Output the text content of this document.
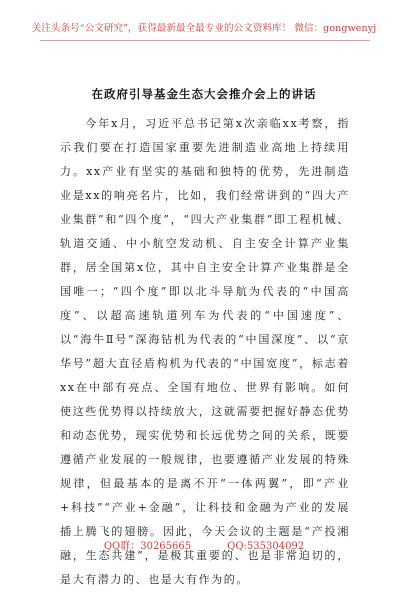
关注头条号“公文研究”，获得最新最全最专业的公文资料库！ 微信：gongwenyj
在政府引导基金生态大会推介会上的讲话

今年x月，习近平总书记第x次亲临xx考察，指示我们要在打造国家重要先进制造业高地上持续用力。xx产业有坚实的基础和独特的优势，先进制造业是xx的响亮名片，比如，我们经常讲到的“四大产业集群”和“四个度”，“四大产业集群”即工程机械、轨道交通、中小航空发动机、自主安全计算产业集群，居全国第x位，其中自主安全计算产业集群是全国唯一；“四个度”即以北斗导航为代表的“中国高度”、以超高速轨道列车为代表的“中国速度”、以“海牛Ⅱ号”深海钻机为代表的“中国深度”、以“京华号”超大直径盾构机为代表的“中国宽度”，标志着xx在中部有亮点、全国有地位、世界有影响。如何使这些优势得以持续放大，这就需要把握好静态优势和动态优势，现实优势和长远优势之间的关系，既要遵循产业发展的一般规律，也要遵循产业发展的特殊规律，但最基本的是离不开“一体两翼”，即“产业+科技”“产业+金融”，让科技和金融为产业的发展插上腾飞的翅膀。因此，今天会议的主题是“产投湘融，生态共建”，是极其重要的、也是非常迫切的，是大有潜力的、也是大有作为的。

QQ群：30265665	QQ:535304092
